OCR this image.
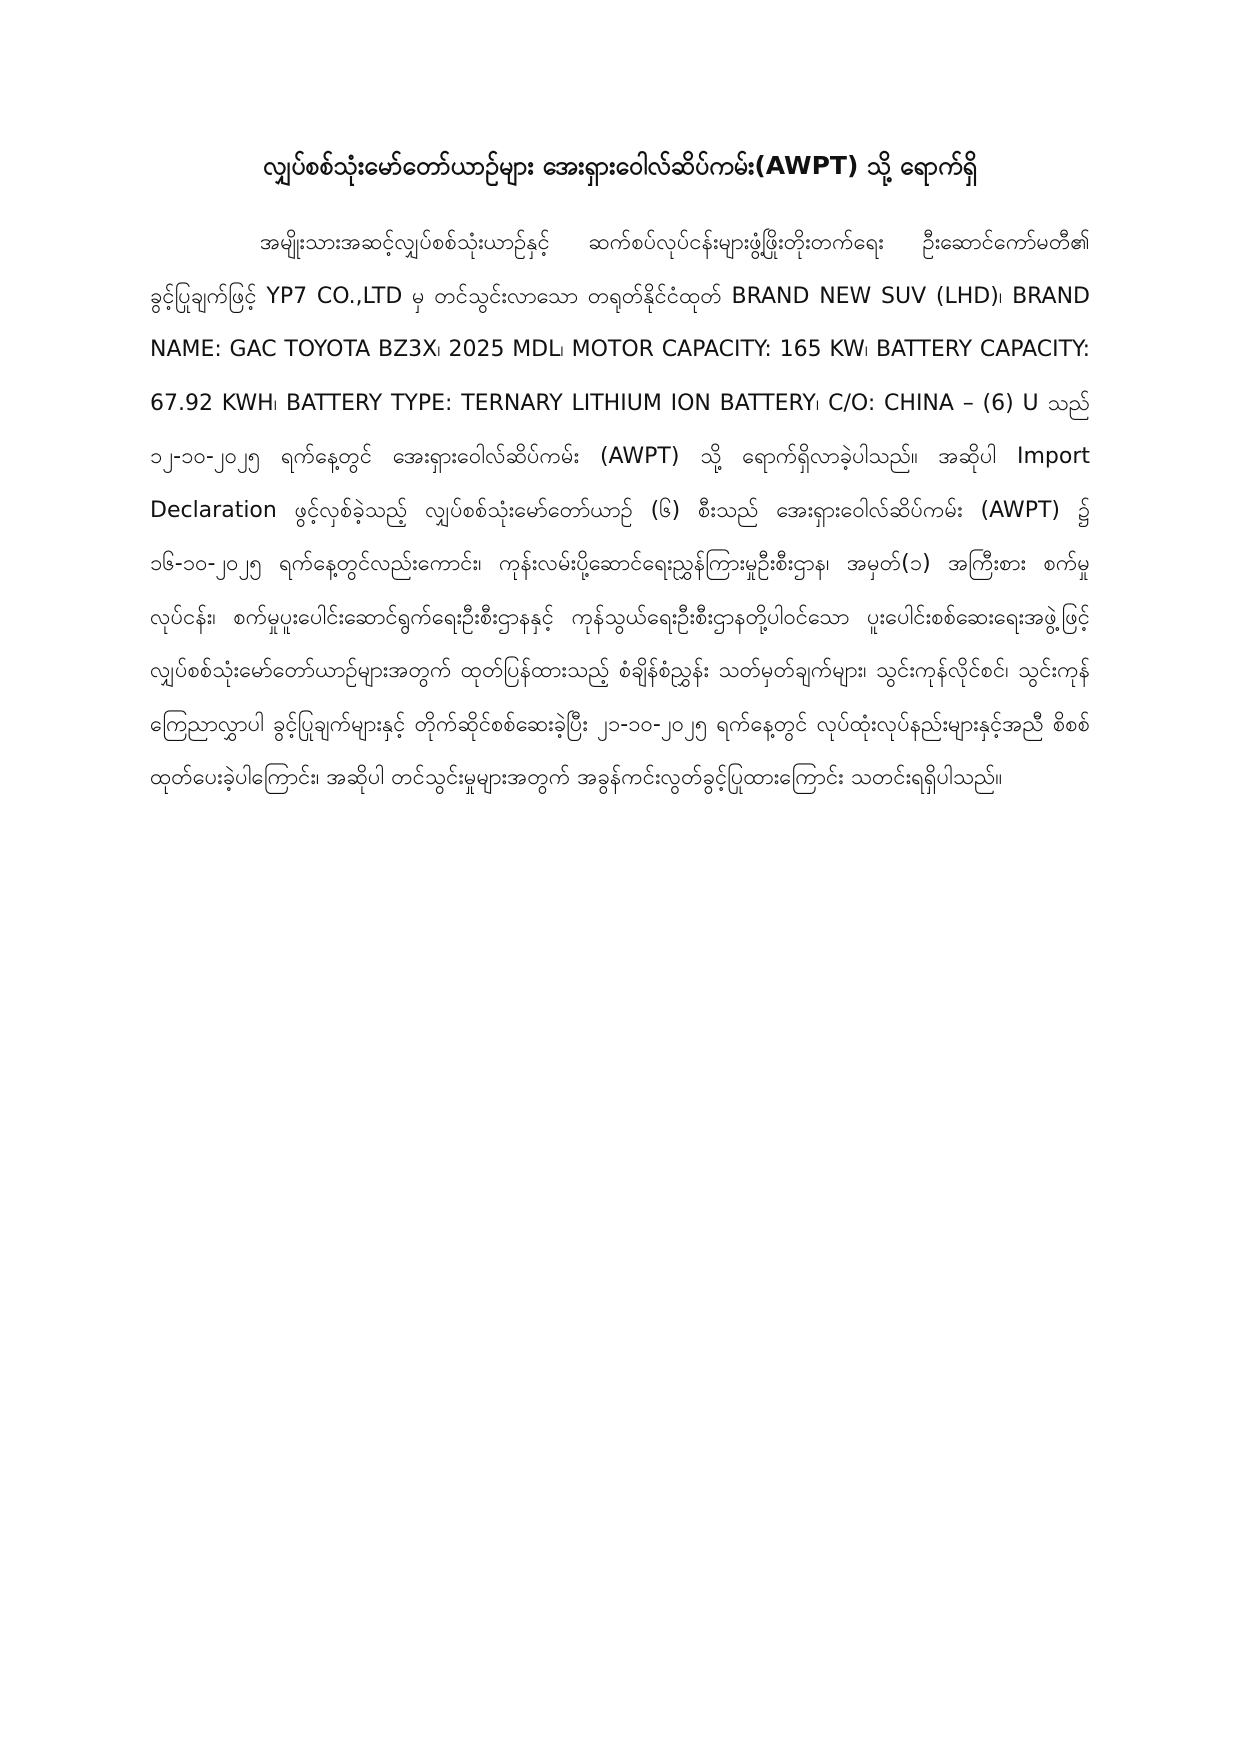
လျှပ်စစ်သုံးမော်တော်ယာဉ်များ အေးရှားဝေါလ်ဆိပ်ကမ်း(AWPT) သို့ ရောက်ရှိ

အမျိုးသားအဆင့်လျှပ်စစ်သုံးယာဉ်နှင့် ဆက်စပ်လုပ်ငန်းများဖွံ့ဖြိုးတိုးတက်ရေး ဦးဆောင်ကော်မတီ၏ ခွင့်ပြုချက်ဖြင့် YP7 CO.,LTD မှ တင်သွင်းလာသော တရုတ်နိုင်ငံထုတ် BRAND NEW SUV (LHD)၊ BRAND NAME: GAC TOYOTA BZ3X၊ 2025 MDL၊ MOTOR CAPACITY: 165 KW၊ BATTERY CAPACITY: 67.92 KWH၊ BATTERY TYPE: TERNARY LITHIUM ION BATTERY၊ C/O: CHINA – (6) U သည် ၁၂-၁၀-၂၀၂၅ ရက်နေ့တွင် အေးရှားဝေါလ်ဆိပ်ကမ်း (AWPT) သို့ ရောက်ရှိလာခဲ့ပါသည်။ အဆိုပါ Import Declaration ဖွင့်လှစ်ခဲ့သည့် လျှပ်စစ်သုံးမော်တော်ယာဉ် (၆) စီးသည် အေးရှားဝေါလ်ဆိပ်ကမ်း (AWPT) ၌ ၁၆-၁၀-၂၀၂၅ ရက်နေ့တွင်လည်းကောင်း၊ ကုန်းလမ်းပို့ဆောင်ရေးညွှန်ကြားမှုဦးစီးဌာန၊ အမှတ်(၁) အကြီးစား စက်မှုလုပ်ငန်း၊ စက်မှုပူးပေါင်းဆောင်ရွက်ရေးဦးစီးဌာနနှင့် ကုန်သွယ်ရေးဦးစီးဌာနတို့ပါဝင်သော ပူးပေါင်းစစ်ဆေးရေးအဖွဲ့ဖြင့် လျှပ်စစ်သုံးမော်တော်ယာဉ်များအတွက် ထုတ်ပြန်ထားသည့် စံချိန်စံညွှန်း သတ်မှတ်ချက်များ၊ သွင်းကုန်လိုင်စင်၊ သွင်းကုန်ကြေညာလွှာပါ ခွင့်ပြုချက်များနှင့် တိုက်ဆိုင်စစ်ဆေးခဲ့ပြီး ၂၁-၁၀-၂၀၂၅ ရက်နေ့တွင် လုပ်ထုံးလုပ်နည်းများနှင့်အညီ စိစစ်ထုတ်ပေးခဲ့ပါကြောင်း၊ အဆိုပါ တင်သွင်းမှုများအတွက် အခွန်ကင်းလွတ်ခွင့်ပြုထားကြောင်း သတင်းရရှိပါသည်။
